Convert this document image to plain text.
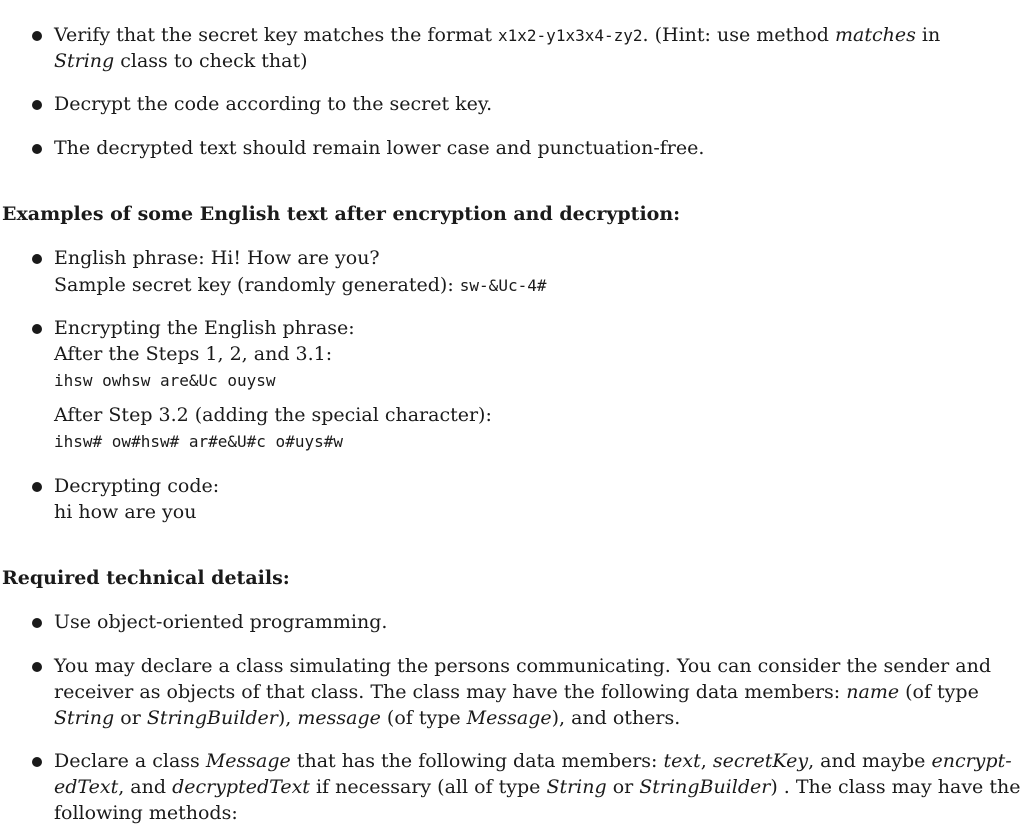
Verify that the secret key matches the format x1x2-y1x3x4-zy2. (Hint: use method matches in
String class to check that)
Decrypt the code according to the secret key.
The decrypted text should remain lower case and punctuation-free.
Examples of some English text after encryption and decryption:
English phrase: Hi! How are you?
Sample secret key (randomly generated): sw-&Uc-4#
Encrypting the English phrase:
After the Steps 1, 2, and 3.1:
ihsw owhsw are&Uc ouysw
After Step 3.2 (adding the special character):
ihsw# ow#hsw# ar#e&U#c o#uys#w
Decrypting code:
hi how are you
Required technical details:
Use object-oriented programming.
You may declare a class simulating the persons communicating. You can consider the sender and
receiver as objects of that class. The class may have the following data members: name (of type
String or StringBuilder), message (of type Message), and others.
Declare a class Message that has the following data members: text, secretKey, and maybe encrypt-
edText, and decryptedText if necessary (all of type String or StringBuilder) . The class may have the
following methods:
